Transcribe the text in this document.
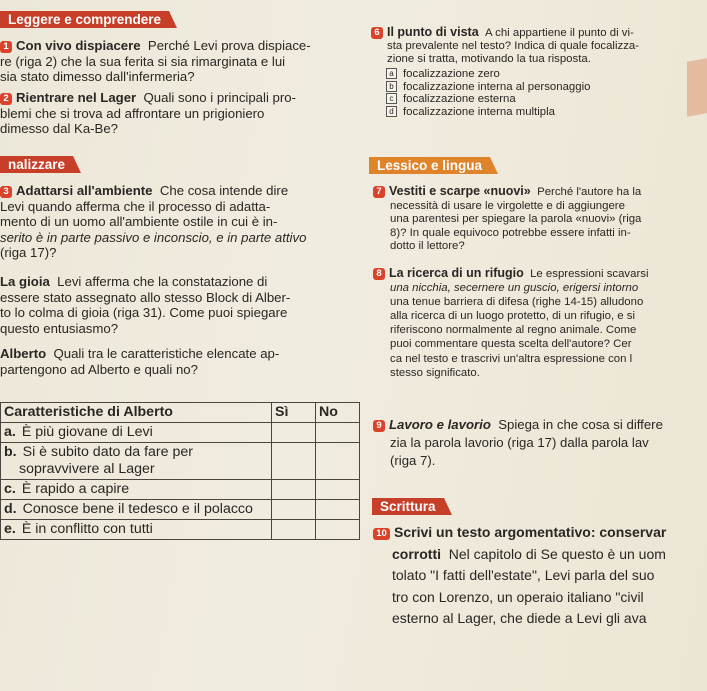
Leggere e comprendere
nalizzare	Lessico e lingua
Scrittura
1 Con vivo dispiacere Perché Levi prova dispiace-
re (riga 2) che la sua ferita si sia rimarginata e lui
sia stato dimesso dall'infermeria?
2 Rientrare nel Lager Quali sono i principali pro-
blemi che si trova ad affrontare un prigioniero
dimesso dal Ka-Be?
3 Adattarsi all'ambiente Che cosa intende dire
Levi quando afferma che il processo di adatta-
mento di un uomo all'ambiente ostile in cui è in-
serito è in parte passivo e inconscio, e in parte attivo
(riga 17)?
La gioia Levi afferma che la constatazione di
essere stato assegnato allo stesso Block di Alber-
to lo colma di gioia (riga 31). Come puoi spiegare
questo entusiasmo?
Alberto Quali tra le caratteristiche elencate ap-
partengono ad Alberto e quali no?
Caratteristiche di Alberto	Sì	No
a. È più giovane di Levi		
b. Si è subito dato da fare per sopravvivere al Lager		
c. È rapido a capire		
d. Conosce bene il tedesco e il polacco		
e. È in conflitto con tutti		
6 Il punto di vista A chi appartiene il punto di vi-
sta prevalente nel testo? Indica di quale focalizza-
zione si tratta, motivando la tua risposta.
a focalizzazione zero
b focalizzazione interna al personaggio
c focalizzazione esterna
d focalizzazione interna multipla
7 Vestiti e scarpe «nuovi» Perché l'autore ha la
necessità di usare le virgolette e di aggiungere
una parentesi per spiegare la parola «nuovi» (riga
8)? In quale equivoco potrebbe essere infatti in-
dotto il lettore?
8 La ricerca di un rifugio Le espressioni scavarsi
una nicchia, secernere un guscio, erigersi intorno
una tenue barriera di difesa (righe 14-15) alludono
alla ricerca di un luogo protetto, di un rifugio, e si
riferiscono normalmente al regno animale. Come
puoi commentare questa scelta dell'autore? Cer
ca nel testo e trascrivi un'altra espressione con l
stesso significato.
9 Lavoro e lavorio Spiega in che cosa si differe
zia la parola lavorio (riga 17) dalla parola lav
(riga 7).
10 Scrivi un testo argomentativo: conservar
corrotti Nel capitolo di Se questo è un uom
tolato "I fatti dell'estate", Levi parla del suo
tro con Lorenzo, un operaio italiano "civil
esterno al Lager, che diede a Levi gli ava
